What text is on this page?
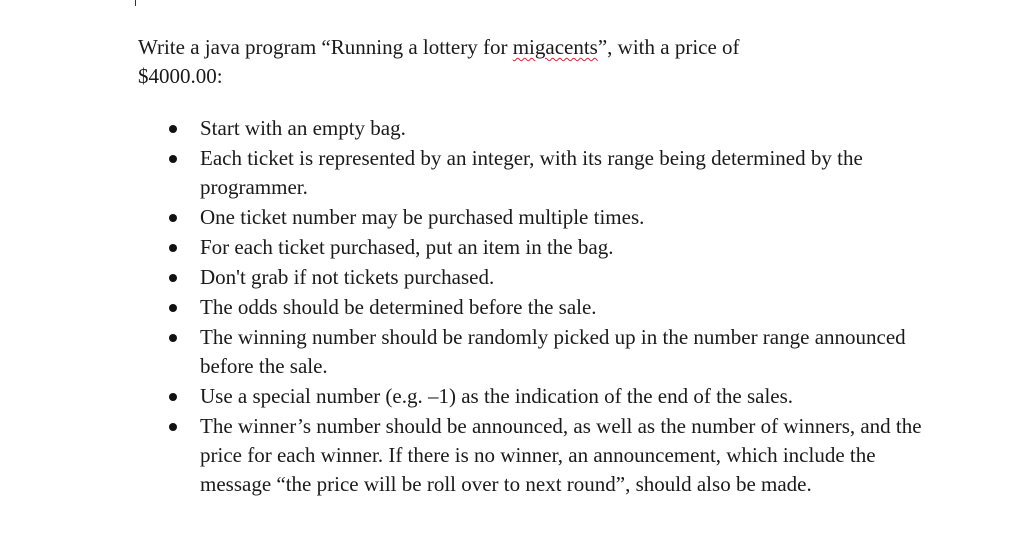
Write a java program “Running a lottery for migacents”, with a price of
$4000.00:

Start with an empty bag.
Each ticket is represented by an integer, with its range being determined by the programmer.
One ticket number may be purchased multiple times.
For each ticket purchased, put an item in the bag.
Don't grab if not tickets purchased.
The odds should be determined before the sale.
The winning number should be randomly picked up in the number range announced before the sale.
Use a special number (e.g. –1) as the indication of the end of the sales.
The winner’s number should be announced, as well as the number of winners, and the price for each winner. If there is no winner, an announcement, which include the message “the price will be roll over to next round”, should also be made.
